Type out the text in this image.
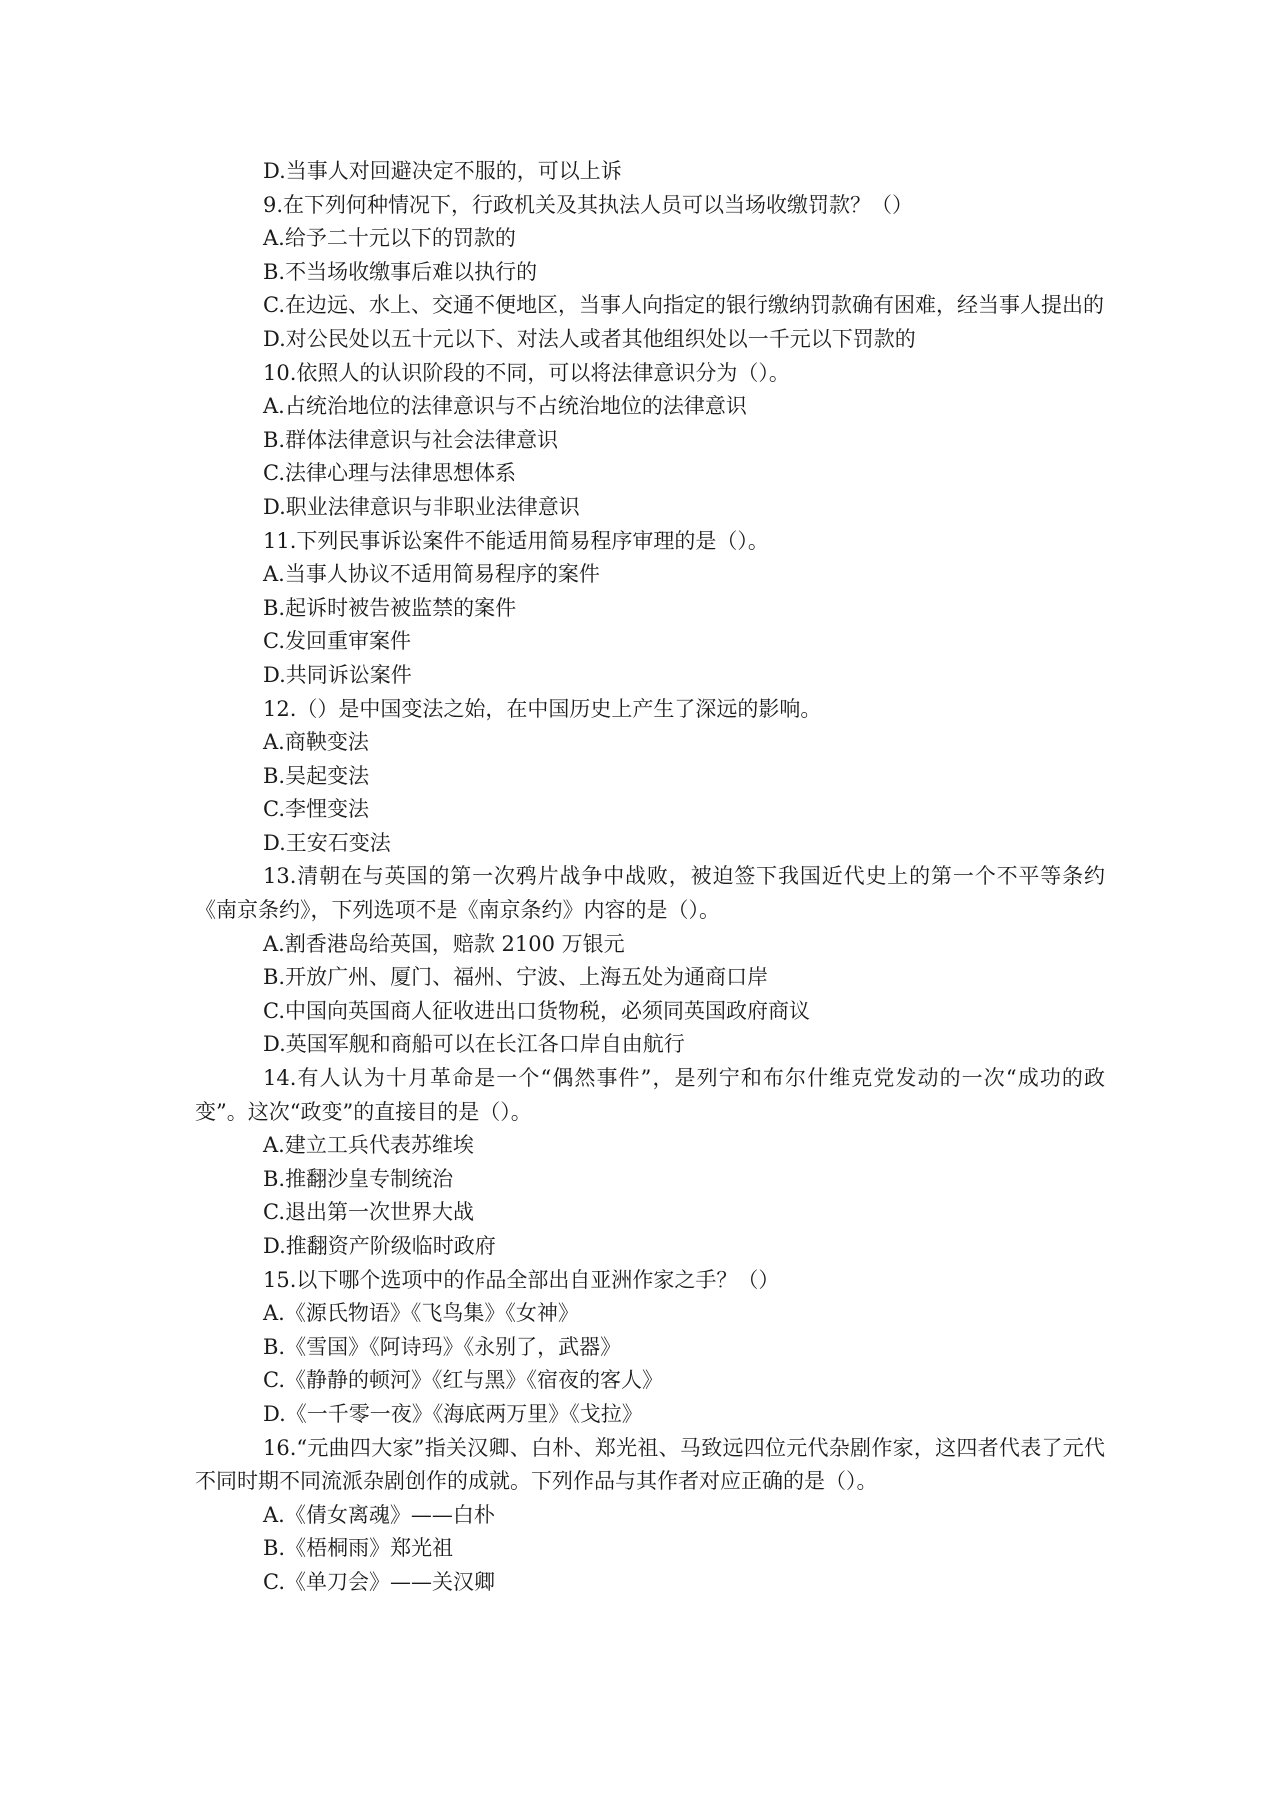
D.当事人对回避决定不服的，可以上诉
9.在下列何种情况下，行政机关及其执法人员可以当场收缴罚款？（）
A.给予二十元以下的罚款的
B.不当场收缴事后难以执行的
C.在边远、水上、交通不便地区，当事人向指定的银行缴纳罚款确有困难，经当事人提出的
D.对公民处以五十元以下、对法人或者其他组织处以一千元以下罚款的
10.依照人的认识阶段的不同，可以将法律意识分为（）。
A.占统治地位的法律意识与不占统治地位的法律意识
B.群体法律意识与社会法律意识
C.法律心理与法律思想体系
D.职业法律意识与非职业法律意识
11.下列民事诉讼案件不能适用简易程序审理的是（）。
A.当事人协议不适用简易程序的案件
B.起诉时被告被监禁的案件
C.发回重审案件
D.共同诉讼案件
12.（）是中国变法之始，在中国历史上产生了深远的影响。
A.商鞅变法
B.吴起变法
C.李悝变法
D.王安石变法
13.清朝在与英国的第一次鸦片战争中战败，被迫签下我国近代史上的第一个不平等条约《南京条约》，下列选项不是《南京条约》内容的是（）。
A.割香港岛给英国，赔款 2100 万银元
B.开放广州、厦门、福州、宁波、上海五处为通商口岸
C.中国向英国商人征收进出口货物税，必须同英国政府商议
D.英国军舰和商船可以在长江各口岸自由航行
14.有人认为十月革命是一个“偶然事件”，是列宁和布尔什维克党发动的一次“成功的政变”。这次“政变”的直接目的是（）。
A.建立工兵代表苏维埃
B.推翻沙皇专制统治
C.退出第一次世界大战
D.推翻资产阶级临时政府
15.以下哪个选项中的作品全部出自亚洲作家之手？（）
A.《源氏物语》《飞鸟集》《女神》
B.《雪国》《阿诗玛》《永别了，武器》
C.《静静的顿河》《红与黑》《宿夜的客人》
D.《一千零一夜》《海底两万里》《戈拉》
16.“元曲四大家”指关汉卿、白朴、郑光祖、马致远四位元代杂剧作家，这四者代表了元代不同时期不同流派杂剧创作的成就。下列作品与其作者对应正确的是（）。
A.《倩女离魂》——白朴
B.《梧桐雨》郑光祖
C.《单刀会》——关汉卿
